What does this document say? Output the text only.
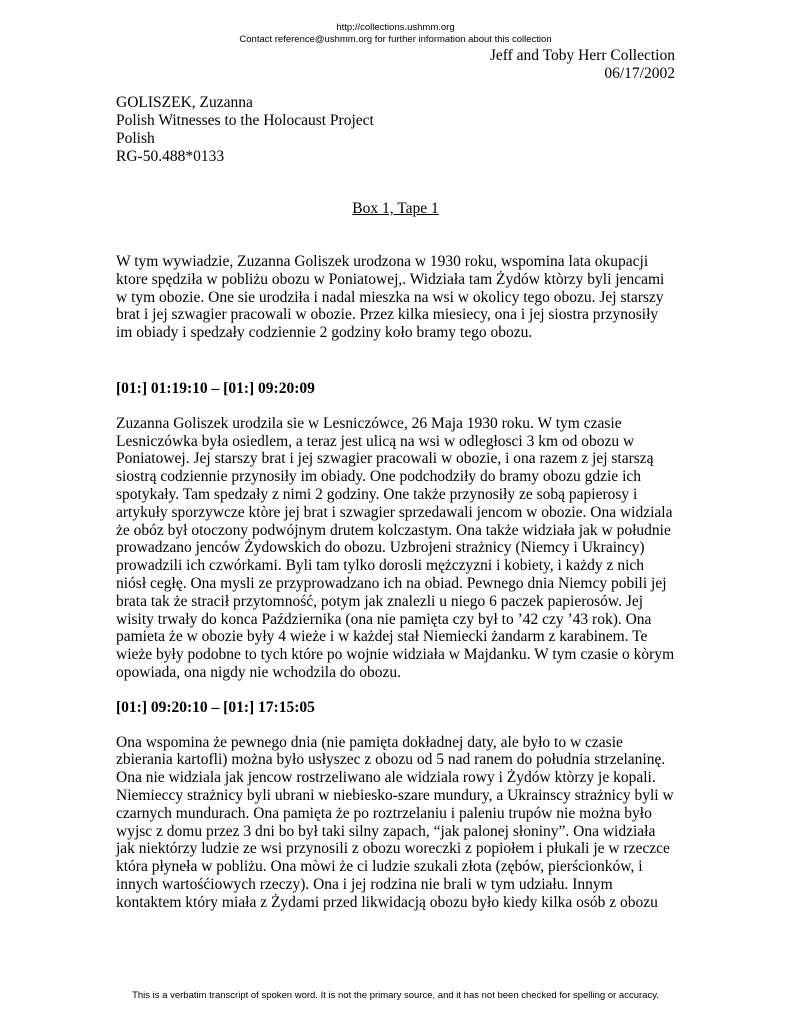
http://collections.ushmm.org
Contact reference@ushmm.org for further information about this collection
Jeff and Toby Herr Collection
06/17/2002
GOLISZEK, Zuzanna
Polish Witnesses to the Holocaust Project
Polish
RG-50.488*0133
Box 1, Tape 1

W tym wywiadzie, Zuzanna Goliszek urodzona w 1930 roku, wspomina lata okupacji ktore spędziła w pobliżu obozu w Poniatowej,. Widziała tam Żydów ktòrzy byli jencami w tym obozie. One sie urodziła i nadal mieszka na wsi w okolicy tego obozu. Jej starszy brat i jej szwagier pracowali w obozie. Przez kilka miesiecy, ona i jej siostra przynosiły im obiady i spedzały codziennie 2 godziny koło bramy tego obozu.

[01:] 01:19:10 – [01:] 09:20:09

Zuzanna Goliszek urodzila sie w Lesniczówce, 26 Maja 1930 roku. W tym czasie Lesniczówka była osiedlem, a teraz jest ulicą na wsi w odległosci 3 km od obozu w Poniatowej. Jej starszy brat i jej szwagier pracowali w obozie, i ona razem z jej starszą siostrą codziennie przynosiły im obiady. One podchodziły do bramy obozu gdzie ich spotykały. Tam spedzały z nimi 2 godziny. One także przynosiły ze sobą papierosy i artykuły sporzywcze ktòre jej brat i szwagier sprzedawali jencom w obozie. Ona widziala że obóz był otoczony podwójnym drutem kolczastym. Ona także widziała jak w południe prowadzano jenców Żydowskich do obozu. Uzbrojeni strażnicy (Niemcy i Ukraincy) prowadzili ich czwórkami. Byli tam tylko dorosli mężczyzni i kobiety, i każdy z nich niósł cegłę. Ona mysli ze przyprowadzano ich na obiad. Pewnego dnia Niemcy pobili jej brata tak że stracił przytomność, potym jak znalezli u niego 6 paczek papierosów. Jej wisity trwały do konca Października (ona nie pamięta czy był to ’42 czy ’43 rok). Ona pamieta że w obozie były 4 wieże i w każdej stał Niemiecki żandarm z karabinem. Te wieże były podobne to tych które po wojnie widziała w Majdanku. W tym czasie o kòrym opowiada, ona nigdy nie wchodzila do obozu.

[01:] 09:20:10 – [01:] 17:15:05

Ona wspomina że pewnego dnia (nie pamięta dokładnej daty, ale było to w czasie zbierania kartofli) można było usłyszec z obozu od 5 nad ranem do południa strzelaninę. Ona nie widziala jak jencow rostrzeliwano ale widziala rowy i Żydów ktòrzy je kopali. Niemieccy strażnicy byli ubrani w niebiesko-szare mundury, a Ukrainscy strażnicy byli w czarnych mundurach. Ona pamięta że po roztrzelaniu i paleniu trupów nie można było wyjsc z domu przez 3 dni bo był taki silny zapach, “jak palonej słoniny”. Ona widziała jak niektórzy ludzie ze wsi przynosili z obozu woreczki z popiołem i płukali je w rzeczce która płyneła w pobliżu. Ona mòwi że ci ludzie szukali złota (zębów, pierścionków, i innych wartośćiowych rzeczy). Ona i jej rodzina nie brali w tym udziału. Innym kontaktem który miała z Żydami przed likwidacją obozu było kiedy kilka osób z obozu

This is a verbatim transcript of spoken word. It is not the primary source, and it has not been checked for spelling or accuracy.
